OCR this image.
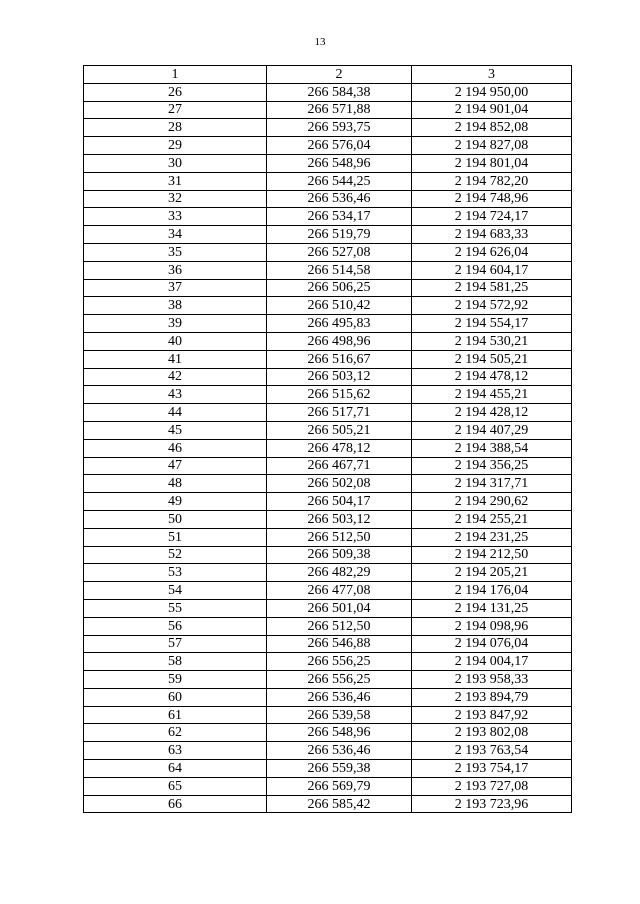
13
1	2	3
26	266 584,38	2 194 950,00
27	266 571,88	2 194 901,04
28	266 593,75	2 194 852,08
29	266 576,04	2 194 827,08
30	266 548,96	2 194 801,04
31	266 544,25	2 194 782,20
32	266 536,46	2 194 748,96
33	266 534,17	2 194 724,17
34	266 519,79	2 194 683,33
35	266 527,08	2 194 626,04
36	266 514,58	2 194 604,17
37	266 506,25	2 194 581,25
38	266 510,42	2 194 572,92
39	266 495,83	2 194 554,17
40	266 498,96	2 194 530,21
41	266 516,67	2 194 505,21
42	266 503,12	2 194 478,12
43	266 515,62	2 194 455,21
44	266 517,71	2 194 428,12
45	266 505,21	2 194 407,29
46	266 478,12	2 194 388,54
47	266 467,71	2 194 356,25
48	266 502,08	2 194 317,71
49	266 504,17	2 194 290,62
50	266 503,12	2 194 255,21
51	266 512,50	2 194 231,25
52	266 509,38	2 194 212,50
53	266 482,29	2 194 205,21
54	266 477,08	2 194 176,04
55	266 501,04	2 194 131,25
56	266 512,50	2 194 098,96
57	266 546,88	2 194 076,04
58	266 556,25	2 194 004,17
59	266 556,25	2 193 958,33
60	266 536,46	2 193 894,79
61	266 539,58	2 193 847,92
62	266 548,96	2 193 802,08
63	266 536,46	2 193 763,54
64	266 559,38	2 193 754,17
65	266 569,79	2 193 727,08
66	266 585,42	2 193 723,96
